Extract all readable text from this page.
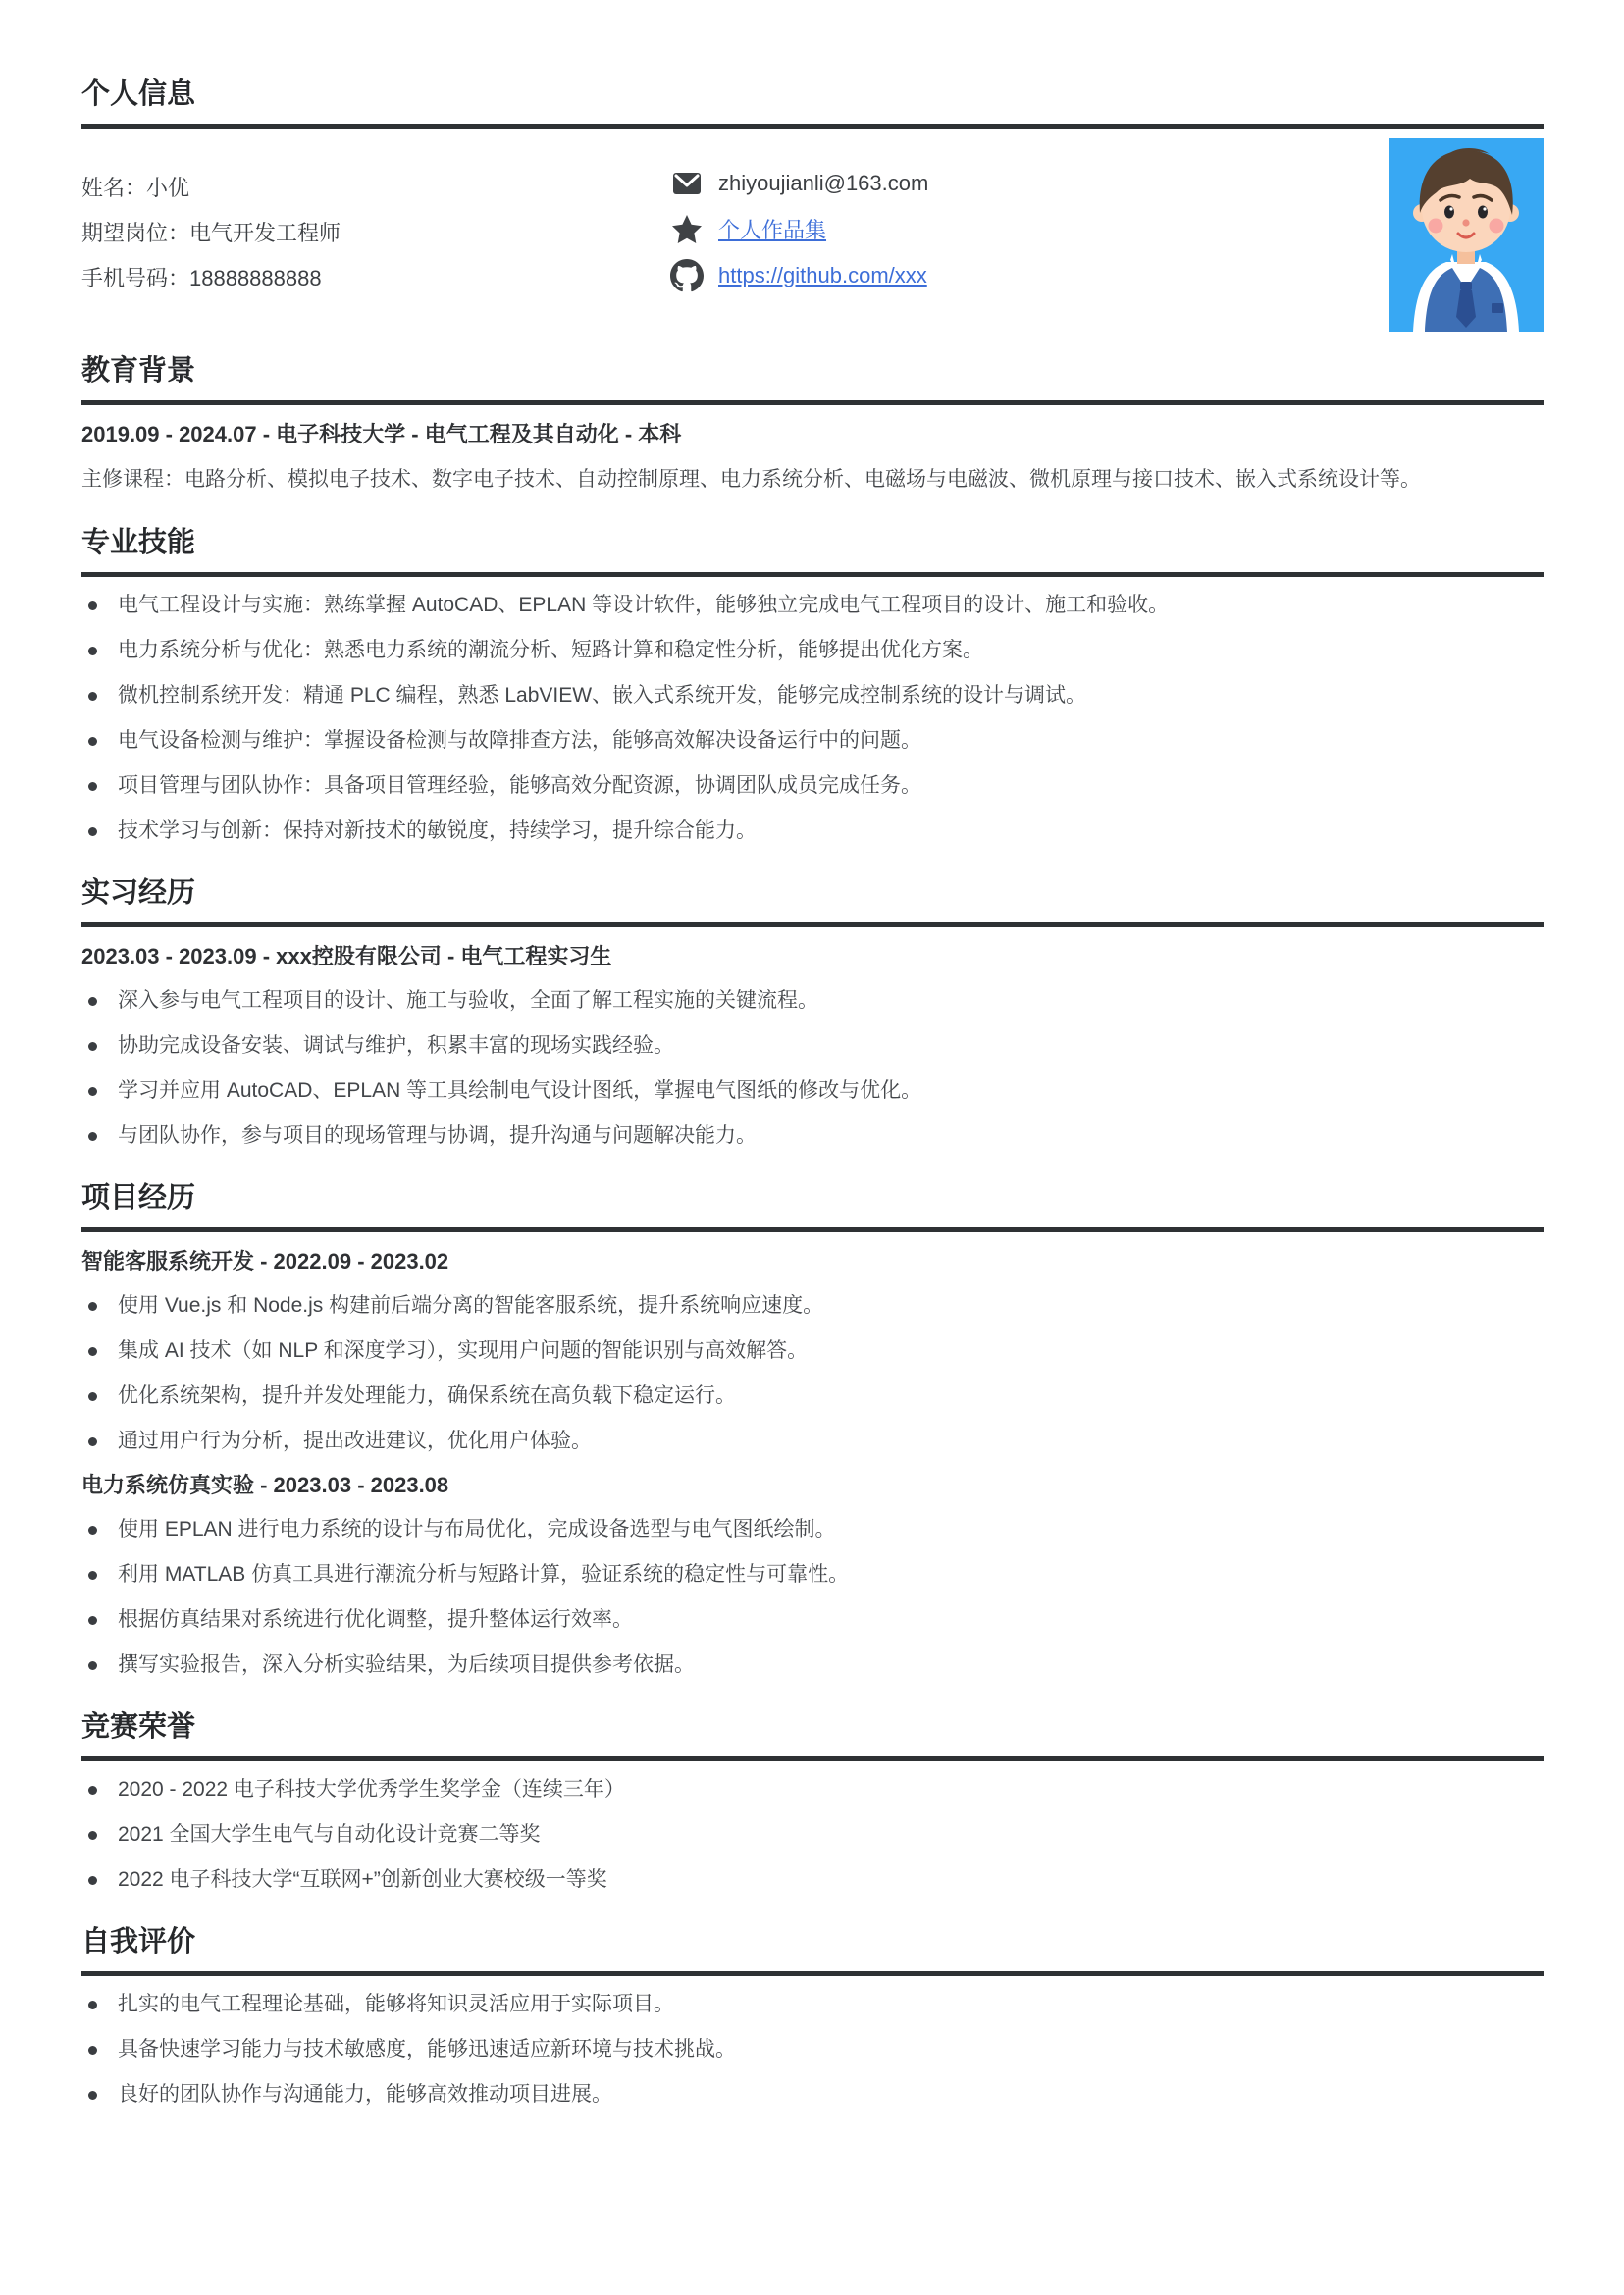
个人信息
姓名：小优
期望岗位：电气开发工程师
手机号码：18888888888
zhiyoujianli@163.com
个人作品集
https://github.com/xxx
教育背景
2019.09 - 2024.07 - 电子科技大学 - 电气工程及其自动化 - 本科
主修课程：电路分析、模拟电子技术、数字电子技术、自动控制原理、电力系统分析、电磁场与电磁波、微机原理与接口技术、嵌入式系统设计等。
专业技能
电气工程设计与实施：熟练掌握 AutoCAD、EPLAN 等设计软件，能够独立完成电气工程项目的设计、施工和验收。
电力系统分析与优化：熟悉电力系统的潮流分析、短路计算和稳定性分析，能够提出优化方案。
微机控制系统开发：精通 PLC 编程，熟悉 LabVIEW、嵌入式系统开发，能够完成控制系统的设计与调试。
电气设备检测与维护：掌握设备检测与故障排查方法，能够高效解决设备运行中的问题。
项目管理与团队协作：具备项目管理经验，能够高效分配资源，协调团队成员完成任务。
技术学习与创新：保持对新技术的敏锐度，持续学习，提升综合能力。
实习经历
2023.03 - 2023.09 - xxx控股有限公司 - 电气工程实习生
深入参与电气工程项目的设计、施工与验收，全面了解工程实施的关键流程。
协助完成设备安装、调试与维护，积累丰富的现场实践经验。
学习并应用 AutoCAD、EPLAN 等工具绘制电气设计图纸，掌握电气图纸的修改与优化。
与团队协作，参与项目的现场管理与协调，提升沟通与问题解决能力。
项目经历
智能客服系统开发 - 2022.09 - 2023.02
使用 Vue.js 和 Node.js 构建前后端分离的智能客服系统，提升系统响应速度。
集成 AI 技术（如 NLP 和深度学习），实现用户问题的智能识别与高效解答。
优化系统架构，提升并发处理能力，确保系统在高负载下稳定运行。
通过用户行为分析，提出改进建议，优化用户体验。
电力系统仿真实验 - 2023.03 - 2023.08
使用 EPLAN 进行电力系统的设计与布局优化，完成设备选型与电气图纸绘制。
利用 MATLAB 仿真工具进行潮流分析与短路计算，验证系统的稳定性与可靠性。
根据仿真结果对系统进行优化调整，提升整体运行效率。
撰写实验报告，深入分析实验结果，为后续项目提供参考依据。
竞赛荣誉
2020 - 2022 电子科技大学优秀学生奖学金（连续三年）
2021 全国大学生电气与自动化设计竞赛二等奖
2022 电子科技大学“互联网+”创新创业大赛校级一等奖
自我评价
扎实的电气工程理论基础，能够将知识灵活应用于实际项目。
具备快速学习能力与技术敏感度，能够迅速适应新环境与技术挑战。
良好的团队协作与沟通能力，能够高效推动项目进展。
